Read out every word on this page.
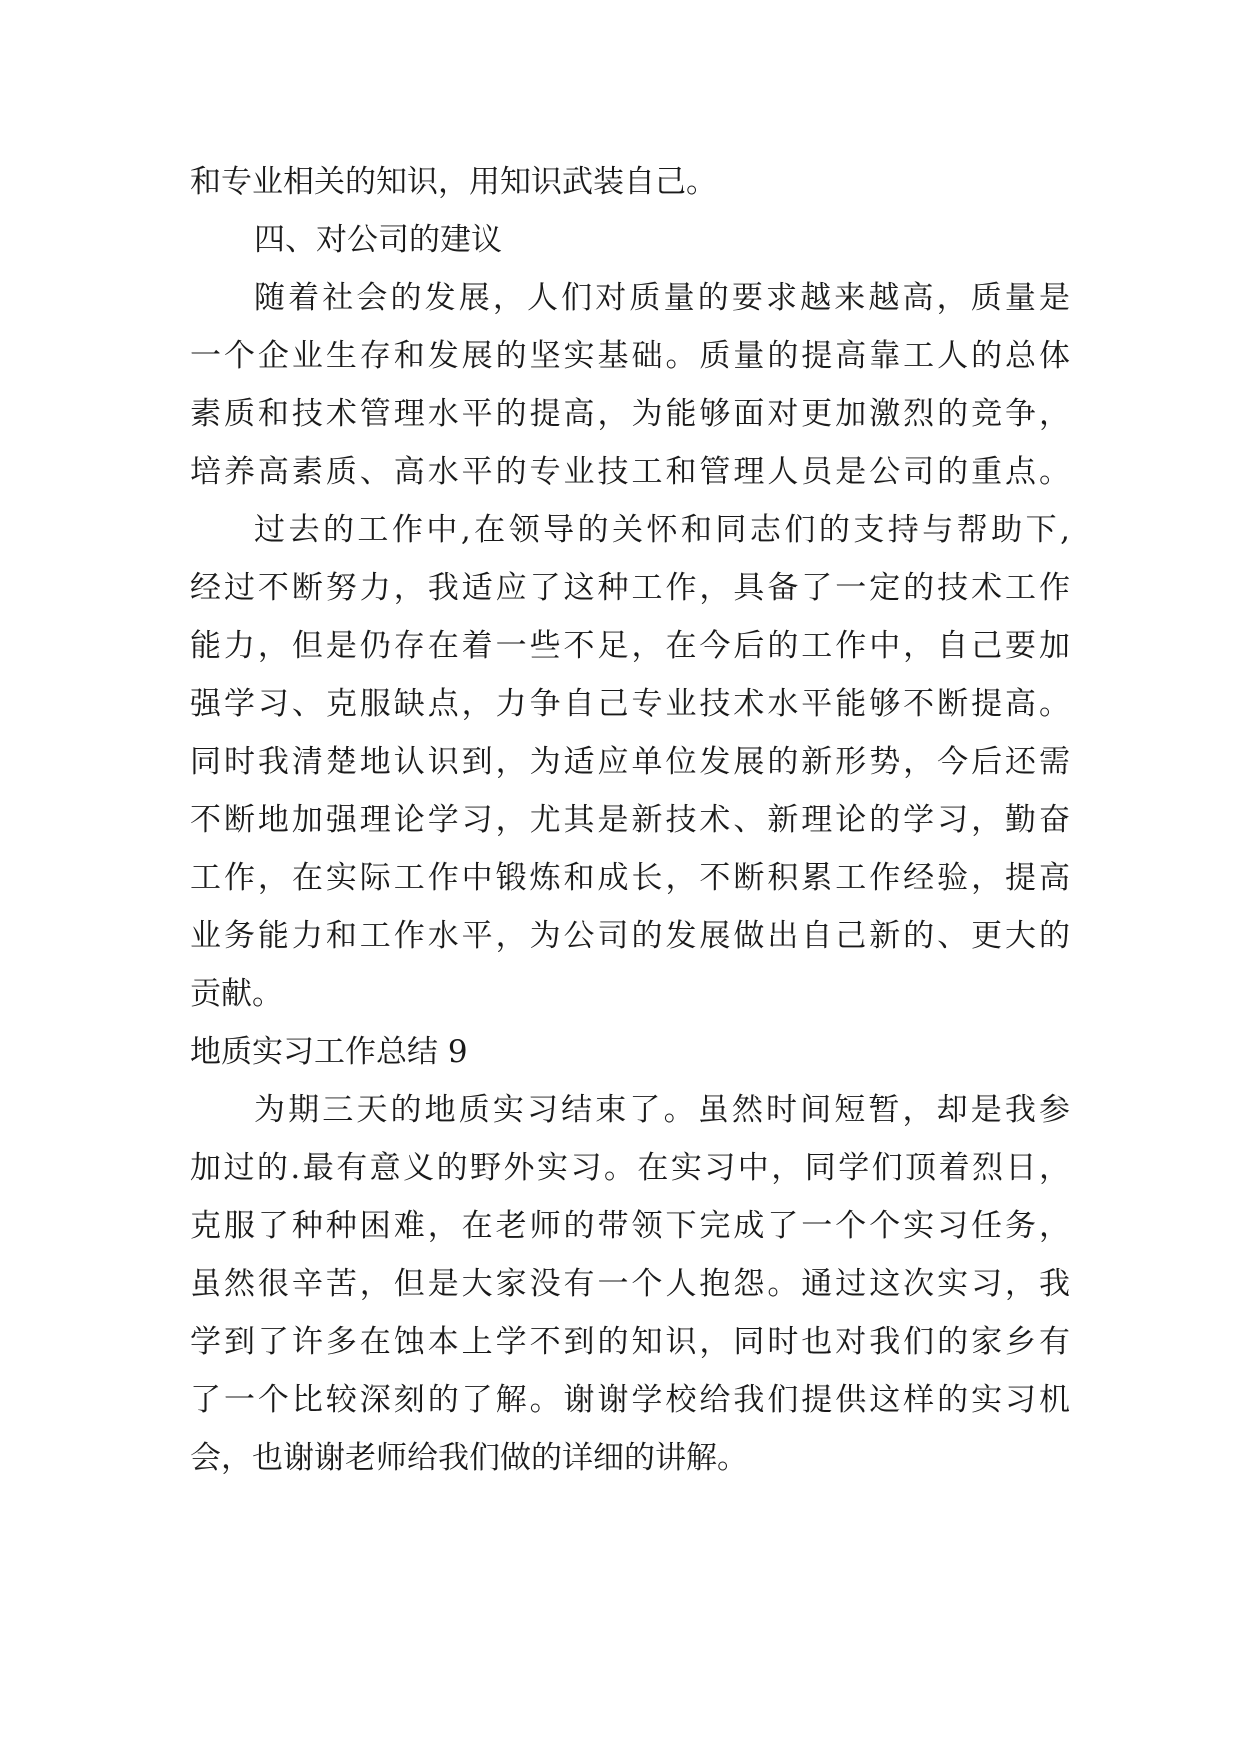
和专业相关的知识，用知识武装自己。
四、对公司的建议
随着社会的发展，人们对质量的要求越来越高，质量是
一个企业生存和发展的坚实基础。质量的提高靠工人的总体
素质和技术管理水平的提高，为能够面对更加激烈的竞争，
培养高素质、高水平的专业技工和管理人员是公司的重点。
过去的工作中,在领导的关怀和同志们的支持与帮助下,
经过不断努力，我适应了这种工作，具备了一定的技术工作
能力，但是仍存在着一些不足，在今后的工作中，自己要加
强学习、克服缺点，力争自己专业技术水平能够不断提高。
同时我清楚地认识到，为适应单位发展的新形势，今后还需
不断地加强理论学习，尤其是新技术、新理论的学习，勤奋
工作，在实际工作中锻炼和成长，不断积累工作经验，提高
业务能力和工作水平，为公司的发展做出自己新的、更大的
贡献。
地质实习工作总结 9
为期三天的地质实习结束了。虽然时间短暂，却是我参
加过的.最有意义的野外实习。在实习中，同学们顶着烈日，
克服了种种困难，在老师的带领下完成了一个个实习任务，
虽然很辛苦，但是大家没有一个人抱怨。通过这次实习，我
学到了许多在蚀本上学不到的知识，同时也对我们的家乡有
了一个比较深刻的了解。谢谢学校给我们提供这样的实习机
会，也谢谢老师给我们做的详细的讲解。
